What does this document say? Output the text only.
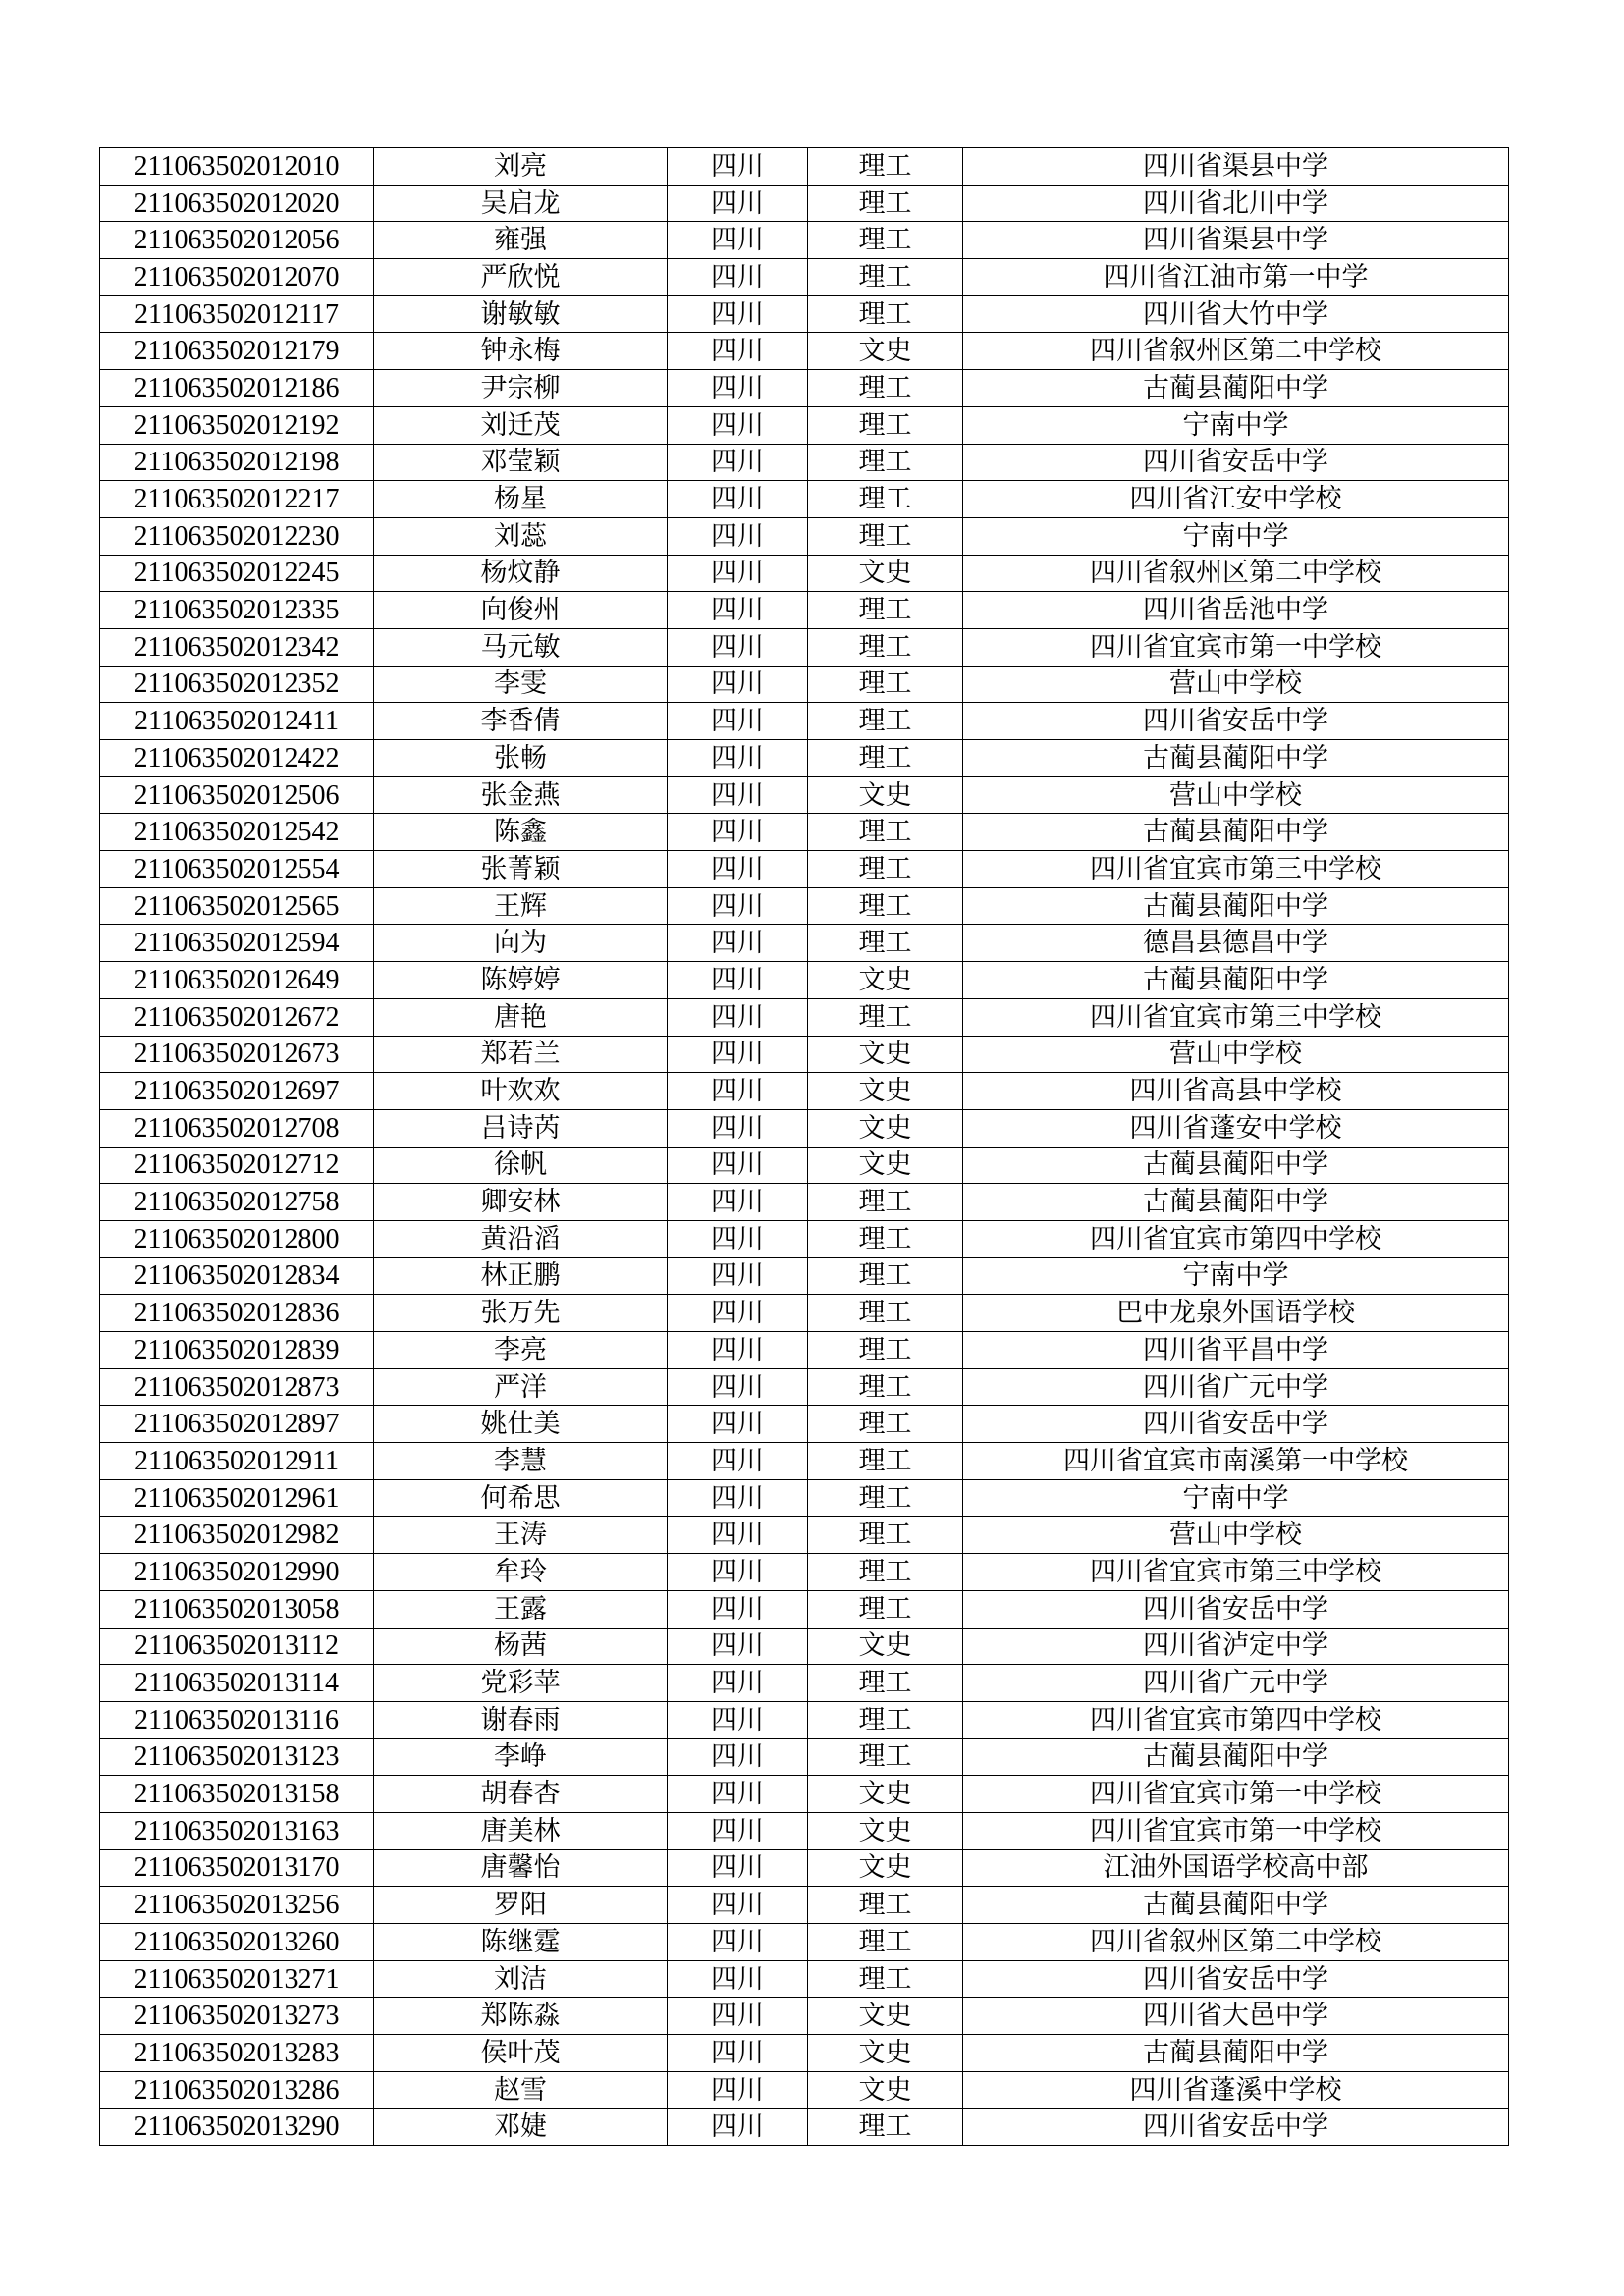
211063502012010	刘亮	四川	理工	四川省渠县中学
211063502012020	吴启龙	四川	理工	四川省北川中学
211063502012056	雍强	四川	理工	四川省渠县中学
211063502012070	严欣悦	四川	理工	四川省江油市第一中学
211063502012117	谢敏敏	四川	理工	四川省大竹中学
211063502012179	钟永梅	四川	文史	四川省叙州区第二中学校
211063502012186	尹宗柳	四川	理工	古蔺县蔺阳中学
211063502012192	刘迁茂	四川	理工	宁南中学
211063502012198	邓莹颖	四川	理工	四川省安岳中学
211063502012217	杨星	四川	理工	四川省江安中学校
211063502012230	刘蕊	四川	理工	宁南中学
211063502012245	杨炆静	四川	文史	四川省叙州区第二中学校
211063502012335	向俊州	四川	理工	四川省岳池中学
211063502012342	马元敏	四川	理工	四川省宜宾市第一中学校
211063502012352	李雯	四川	理工	营山中学校
211063502012411	李香倩	四川	理工	四川省安岳中学
211063502012422	张畅	四川	理工	古蔺县蔺阳中学
211063502012506	张金燕	四川	文史	营山中学校
211063502012542	陈鑫	四川	理工	古蔺县蔺阳中学
211063502012554	张菁颖	四川	理工	四川省宜宾市第三中学校
211063502012565	王辉	四川	理工	古蔺县蔺阳中学
211063502012594	向为	四川	理工	德昌县德昌中学
211063502012649	陈婷婷	四川	文史	古蔺县蔺阳中学
211063502012672	唐艳	四川	理工	四川省宜宾市第三中学校
211063502012673	郑若兰	四川	文史	营山中学校
211063502012697	叶欢欢	四川	文史	四川省高县中学校
211063502012708	吕诗芮	四川	文史	四川省蓬安中学校
211063502012712	徐帆	四川	文史	古蔺县蔺阳中学
211063502012758	卿安林	四川	理工	古蔺县蔺阳中学
211063502012800	黄沿滔	四川	理工	四川省宜宾市第四中学校
211063502012834	林正鹏	四川	理工	宁南中学
211063502012836	张万先	四川	理工	巴中龙泉外国语学校
211063502012839	李亮	四川	理工	四川省平昌中学
211063502012873	严洋	四川	理工	四川省广元中学
211063502012897	姚仕美	四川	理工	四川省安岳中学
211063502012911	李慧	四川	理工	四川省宜宾市南溪第一中学校
211063502012961	何希思	四川	理工	宁南中学
211063502012982	王涛	四川	理工	营山中学校
211063502012990	牟玲	四川	理工	四川省宜宾市第三中学校
211063502013058	王露	四川	理工	四川省安岳中学
211063502013112	杨茜	四川	文史	四川省泸定中学
211063502013114	党彩苹	四川	理工	四川省广元中学
211063502013116	谢春雨	四川	理工	四川省宜宾市第四中学校
211063502013123	李峥	四川	理工	古蔺县蔺阳中学
211063502013158	胡春杏	四川	文史	四川省宜宾市第一中学校
211063502013163	唐美林	四川	文史	四川省宜宾市第一中学校
211063502013170	唐馨怡	四川	文史	江油外国语学校高中部
211063502013256	罗阳	四川	理工	古蔺县蔺阳中学
211063502013260	陈继霆	四川	理工	四川省叙州区第二中学校
211063502013271	刘洁	四川	理工	四川省安岳中学
211063502013273	郑陈淼	四川	文史	四川省大邑中学
211063502013283	侯叶茂	四川	文史	古蔺县蔺阳中学
211063502013286	赵雪	四川	文史	四川省蓬溪中学校
211063502013290	邓婕	四川	理工	四川省安岳中学
